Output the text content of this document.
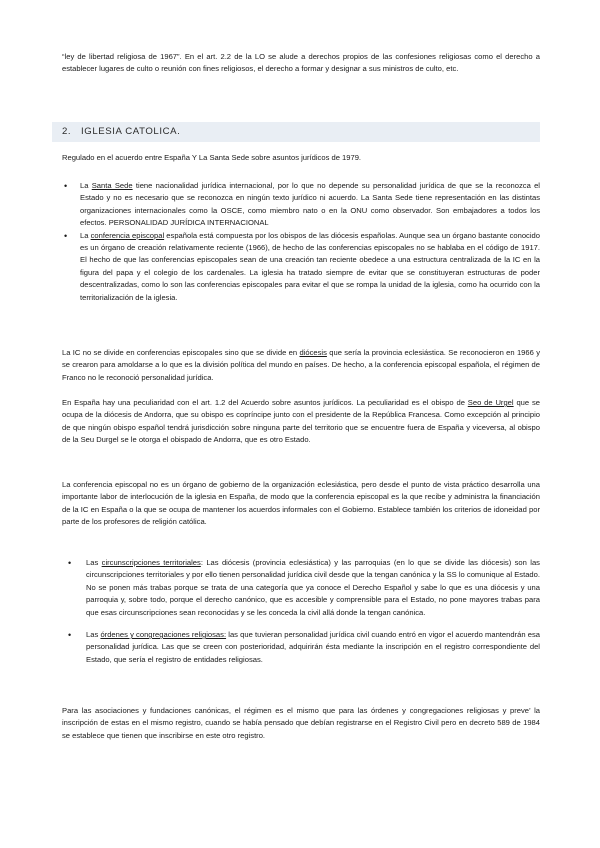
“ley de libertad religiosa de 1967”. En el art. 2.2 de la LO se alude a derechos propios de las confesiones religiosas como el derecho a establecer lugares de culto o reunión con fines religiosos, el derecho a formar y designar a sus ministros de culto, etc.

2. IGLESIA CATOLICA.

Regulado en el acuerdo entre España Y La Santa Sede sobre asuntos jurídicos de 1979.

• La Santa Sede tiene nacionalidad jurídica internacional, por lo que no depende su personalidad jurídica de que se la reconozca el Estado y no es necesario que se reconozca en ningún texto jurídico ni acuerdo. La Santa Sede tiene representación en las distintas organizaciones internacionales como la OSCE, como miembro nato o en la ONU como observador. Son embajadores a todos los efectos. PERSONALIDAD JURÍDICA INTERNACIONAL
• La conferencia episcopal española está compuesta por los obispos de las diócesis españolas. Aunque sea un órgano bastante conocido es un órgano de creación relativamente reciente (1966), de hecho de las conferencias episcopales no se hablaba en el código de 1917. El hecho de que las conferencias episcopales sean de una creación tan reciente obedece a una estructura centralizada de la IC en la figura del papa y el colegio de los cardenales. La iglesia ha tratado siempre de evitar que se constituyeran estructuras de poder descentralizadas, como lo son las conferencias episcopales para evitar el que se rompa la unidad de la iglesia, como ha ocurrido con la territorialización de la iglesia.

La IC no se divide en conferencias episcopales sino que se divide en diócesis que sería la provincia eclesiástica. Se reconocieron en 1966 y se crearon para amoldarse a lo que es la división política del mundo en países. De hecho, a la conferencia episcopal española, el régimen de Franco no le reconoció personalidad jurídica.

En España hay una peculiaridad con el art. 1.2 del Acuerdo sobre asuntos jurídicos. La peculiaridad es el obispo de Seo de Urgel que se ocupa de la diócesis de Andorra, que su obispo es copríncipe junto con el presidente de la República Francesa. Como excepción al principio de que ningún obispo español tendrá jurisdicción sobre ninguna parte del territorio que se encuentre fuera de España y viceversa, al obispo de la Seu Durgel se le otorga el obispado de Andorra, que es otro Estado.

La conferencia episcopal no es un órgano de gobierno de la organización eclesiástica, pero desde el punto de vista práctico desarrolla una importante labor de interlocución de la iglesia en España, de modo que la conferencia episcopal es la que recibe y administra la financiación de la IC en España o la que se ocupa de mantener los acuerdos informales con el Gobierno. Establece también los criterios de idoneidad por parte de los profesores de religión católica.

• Las circunscripciones territoriales: Las diócesis (provincia eclesiástica) y las parroquias (en lo que se divide las diócesis) son las circunscripciones territoriales y por ello tienen personalidad jurídica civil desde que la tengan canónica y la SS lo comunique al Estado. No se ponen más trabas porque se trata de una categoría que ya conoce el Derecho Español y sabe lo que es una diócesis y una parroquia y, sobre todo, porque el derecho canónico, que es accesible y comprensible para el Estado, no pone mayores trabas para que esas circunscripciones sean reconocidas y se les conceda la civil allá donde la tengan canónica.
• Las órdenes y congregaciones religiosas: las que tuvieran personalidad jurídica civil cuando entró en vigor el acuerdo mantendrán esa personalidad jurídica. Las que se creen con posterioridad, adquirirán ésta mediante la inscripción en el registro correspondiente del Estado, que sería el registro de entidades religiosas.

Para las asociaciones y fundaciones canónicas, el régimen es el mismo que para las órdenes y congregaciones religiosas y preve’ la inscripción de estas en el mismo registro, cuando se había pensado que debían registrarse en el Registro Civil pero en decreto 589 de 1984 se establece que tienen que inscribirse en este otro registro.
